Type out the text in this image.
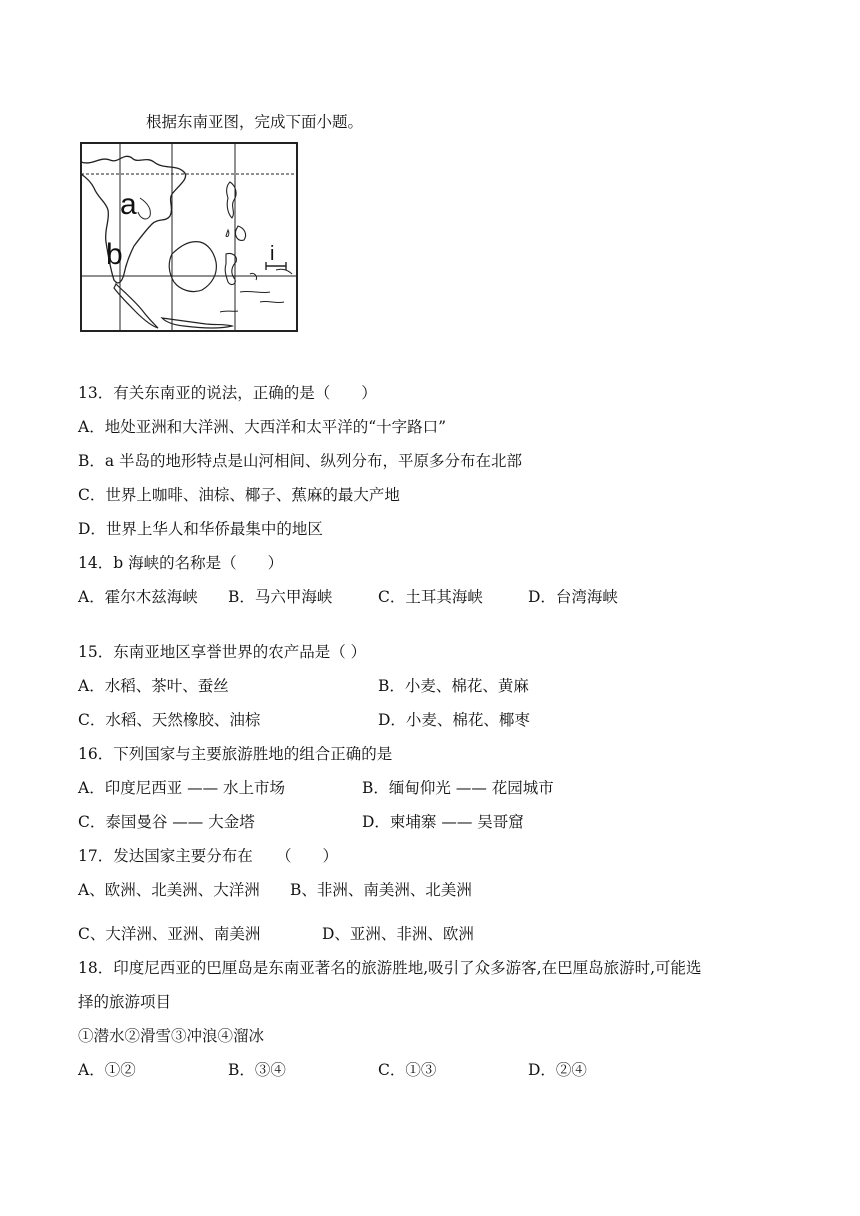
根据东南亚图，完成下面小题。
a
b	i
13．有关东南亚的说法，正确的是（　　）
A．地处亚洲和大洋洲、大西洋和太平洋的“十字路口”
B．a 半岛的地形特点是山河相间、纵列分布，平原多分布在北部
C．世界上咖啡、油棕、椰子、蕉麻的最大产地
D．世界上华人和华侨最集中的地区
14．b 海峡的名称是（　　）
A．霍尔木兹海峡 B．马六甲海峡	C．土耳其海峡	D．台湾海峡
15．东南亚地区享誉世界的农产品是（ ）
A．水稻、茶叶、蚕丝	B．小麦、棉花、黄麻
C．水稻、天然橡胶、油棕	D．小麦、棉花、椰枣
16．下列国家与主要旅游胜地的组合正确的是
A．印度尼西亚 —— 水上市场	B．缅甸仰光 —— 花园城市
C．泰国曼谷 —— 大金塔	D．柬埔寨 —— 吴哥窟
17．发达国家主要分布在　　（　　）
A、欧洲、北美洲、大洋洲 B、非洲、南美洲、北美洲
C、大洋洲、亚洲、南美洲	D、亚洲、非洲、欧洲
18．印度尼西亚的巴厘岛是东南亚著名的旅游胜地,吸引了众多游客,在巴厘岛旅游时,可能选
择的旅游项目
①潜水②滑雪③冲浪④溜冰
A．①②	B．③④	C．①③	D．②④
